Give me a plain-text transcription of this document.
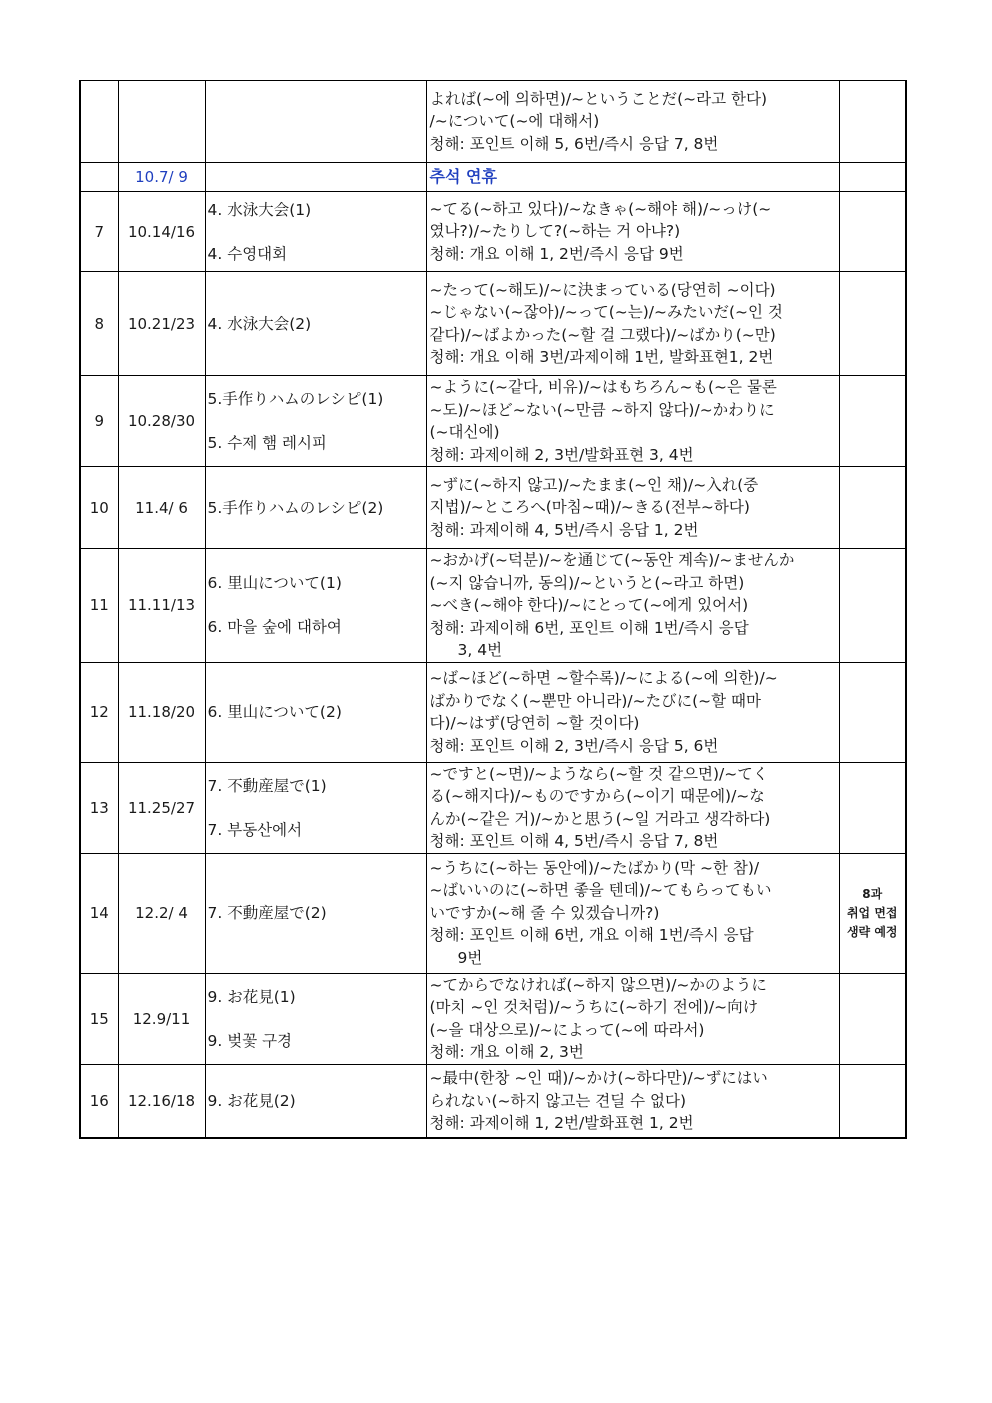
			よれば(~에 의하면)/~ということだ(~라고 한다)
/~について(~에 대해서)
청해: 포인트 이해 5, 6번/즉시 응답 7, 8번	

	10.7/ 9		추석 연휴	

7	10.14/16	4. 水泳大会(1)
4. 수영대회	~てる(~하고 있다)/~なきゃ(~해야 해)/~っけ(~
였나?)/~たりして?(~하는 거 아냐?)
청해: 개요 이해 1, 2번/즉시 응답 9번	

8	10.21/23	4. 水泳大会(2)	~たって(~해도)/~に決まっている(당연히 ~이다)
~じゃない(~잖아)/~って(~는)/~みたいだ(~인 것
같다)/~ばよかった(~할 걸 그랬다)/~ばかり(~만)
청해: 개요 이해 3번/과제이해 1번, 발화표현1, 2번	

9	10.28/30	5.手作りハムのレシピ(1)
5. 수제 햄 레시피	~ように(~같다, 비유)/~はもちろん~も(~은 물론
~도)/~ほど~ない(~만큼 ~하지 않다)/~かわりに
(~대신에)
청해: 과제이해 2, 3번/발화표현 3, 4번	

10	11.4/ 6	5.手作りハムのレシピ(2)	~ずに(~하지 않고)/~たまま(~인 채)/~入れ(중
지법)/~ところへ(마침~때)/~きる(전부~하다)
청해: 과제이해 4, 5번/즉시 응답 1, 2번	

11	11.11/13	6. 里山について(1)
6. 마을 숲에 대하여	~おかげ(~덕분)/~を通じて(~동안 계속)/~ませんか
(~지 않습니까, 동의)/~というと(~라고 하면)
~べき(~해야 한다)/~にとって(~에게 있어서)
청해: 과제이해 6번, 포인트 이해 1번/즉시 응답
3, 4번	

12	11.18/20	6. 里山について(2)	~ば~ほど(~하면 ~할수록)/~による(~에 의한)/~
ばかりでなく(~뿐만 아니라)/~たびに(~할 때마
다)/~はず(당연히 ~할 것이다)
청해: 포인트 이해 2, 3번/즉시 응답 5, 6번	

13	11.25/27	7. 不動産屋で(1)
7. 부동산에서	~ですと(~면)/~ようなら(~할 것 같으면)/~てく
る(~해지다)/~ものですから(~이기 때문에)/~な
んか(~같은 거)/~かと思う(~일 거라고 생각하다)
청해: 포인트 이해 4, 5번/즉시 응답 7, 8번	

14	12.2/ 4	7. 不動産屋で(2)	~うちに(~하는 동안에)/~たばかり(막 ~한 참)/
~ばいいのに(~하면 좋을 텐데)/~てもらってもい
いですか(~해 줄 수 있겠습니까?)
청해: 포인트 이해 6번, 개요 이해 1번/즉시 응답
9번	8과
취업 면접
생략 예정

15	12.9/11	9. お花見(1)
9. 벚꽃 구경	~てからでなければ(~하지 않으면)/~かのように
(마치 ~인 것처럼)/~うちに(~하기 전에)/~向け
(~을 대상으로)/~によって(~에 따라서)
청해: 개요 이해 2, 3번	

16	12.16/18	9. お花見(2)	~最中(한창 ~인 때)/~かけ(~하다만)/~ずにはい
られない(~하지 않고는 견딜 수 없다)
청해: 과제이해 1, 2번/발화표현 1, 2번	
